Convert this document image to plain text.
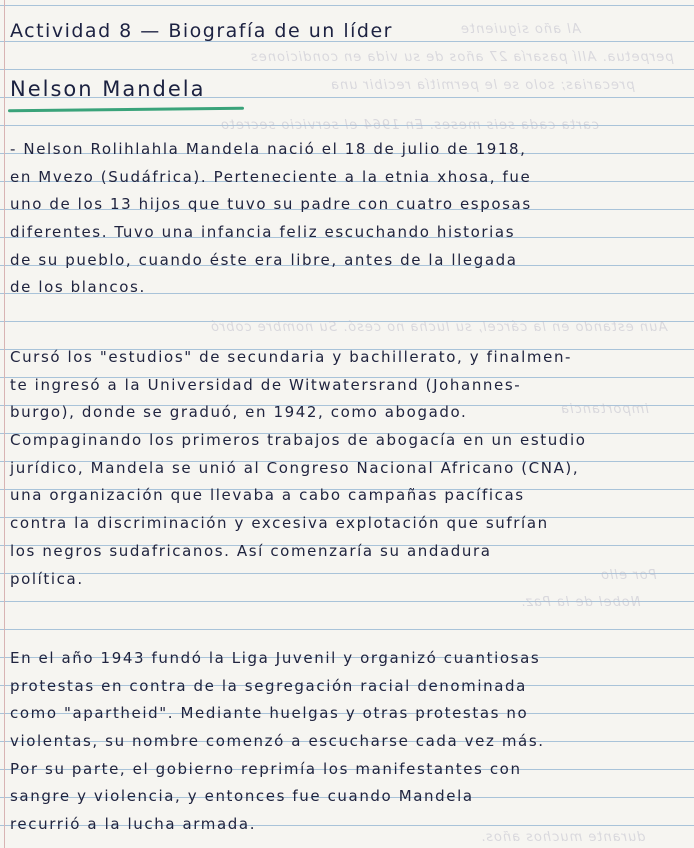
Al año siguiente
perpetua. Allí pasaría 27 años de su vida en condiciones
precarias; solo se le permitía recibir una
carta cada seis meses. En 1964 el servicio secreto
Aun estando en la cárcel, su lucha no cesó. Su nombre cobró
importancia
Por ello
Nobel de la Paz.
durante muchos años.
Actividad 8 — Biografía de un líder
Nelson Mandela
- Nelson Rolihlahla Mandela nació el 18 de julio de 1918,
en Mvezo (Sudáfrica). Perteneciente a la etnia xhosa, fue
uno de los 13 hijos que tuvo su padre con cuatro esposas
diferentes. Tuvo una infancia feliz escuchando historias
de su pueblo, cuando éste era libre, antes de la llegada
de los blancos.
Cursó los "estudios" de secundaria y bachillerato, y finalmen-
te ingresó a la Universidad de Witwatersrand (Johannes-
burgo), donde se graduó, en 1942, como abogado.
Compaginando los primeros trabajos de abogacía en un estudio
jurídico, Mandela se unió al Congreso Nacional Africano (CNA),
una organización que llevaba a cabo campañas pacíficas
contra la discriminación y excesiva explotación que sufrían
los negros sudafricanos. Así comenzaría su andadura
política.
En el año 1943 fundó la Liga Juvenil y organizó cuantiosas
protestas en contra de la segregación racial denominada
como "apartheid". Mediante huelgas y otras protestas no
violentas, su nombre comenzó a escucharse cada vez más.
Por su parte, el gobierno reprimía los manifestantes con
sangre y violencia, y entonces fue cuando Mandela
recurrió a la lucha armada.
